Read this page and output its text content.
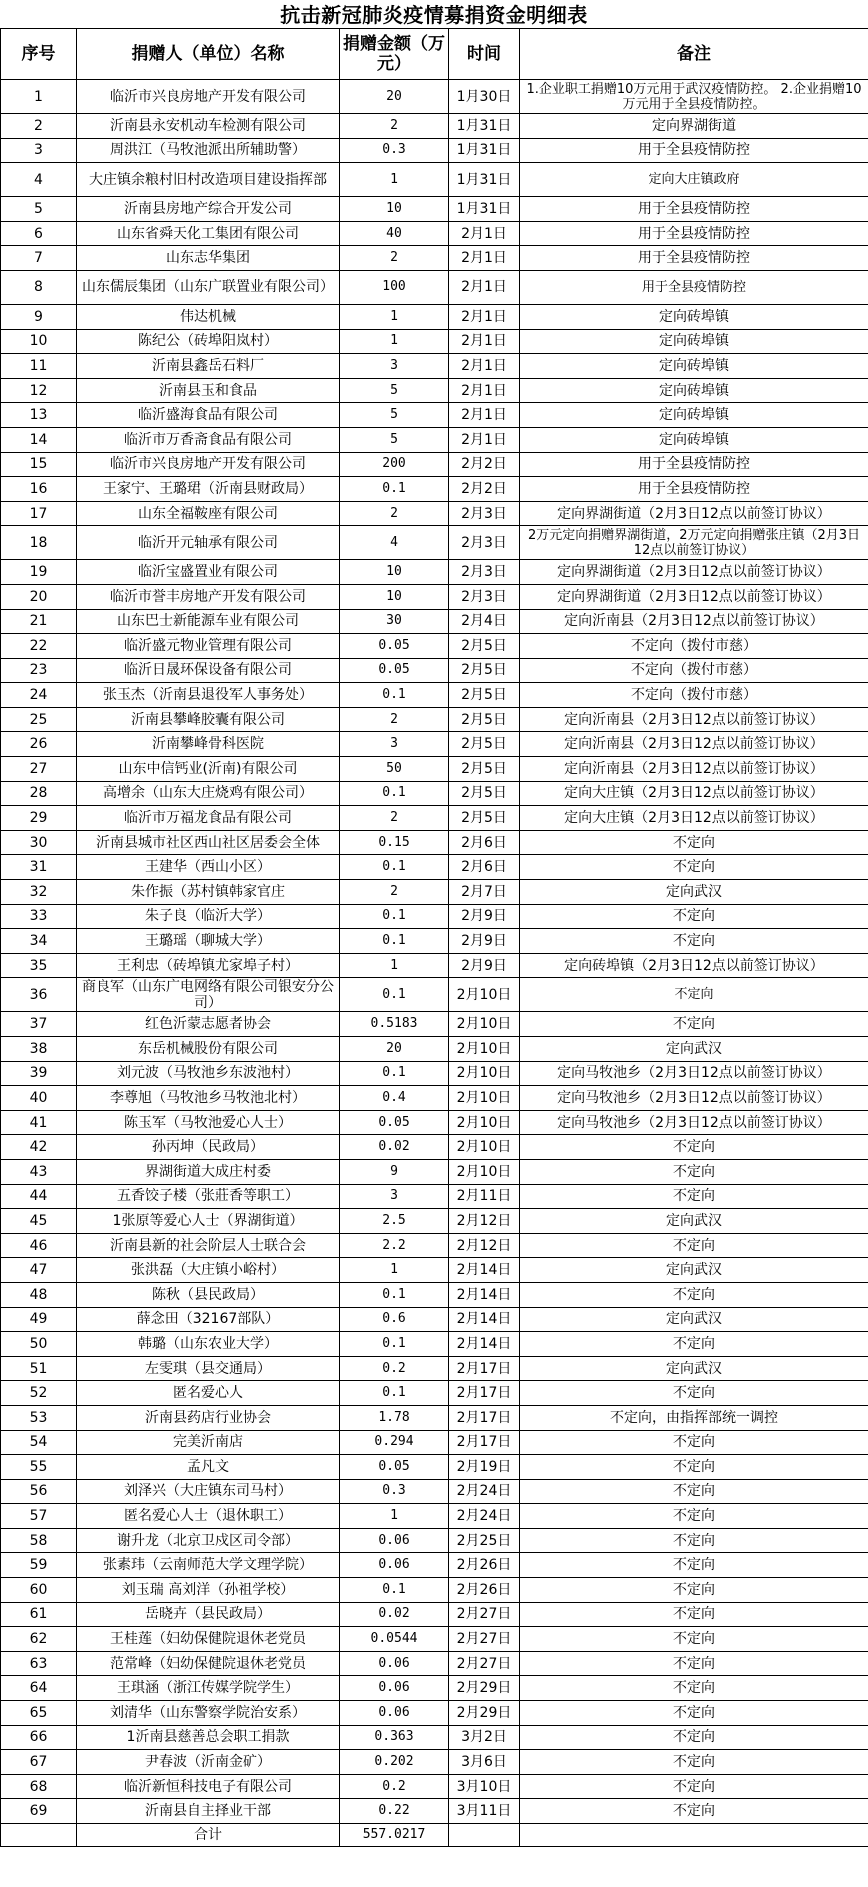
抗击新冠肺炎疫情募捐资金明细表
序号	捐赠人（单位）名称	捐赠金额（万元）	时间	备注
1	临沂市兴良房地产开发有限公司	20	1月30日	1.企业职工捐赠10万元用于武汉疫情防控。 2.企业捐赠10万元用于全县疫情防控。
2	沂南县永安机动车检测有限公司	2	1月31日	定向界湖街道
3	周洪江（马牧池派出所辅助警）	0.3	1月31日	用于全县疫情防控
4	大庄镇余粮村旧村改造项目建设指挥部	1	1月31日	定向大庄镇政府
5	沂南县房地产综合开发公司	10	1月31日	用于全县疫情防控
6	山东省舜天化工集团有限公司	40	2月1日	用于全县疫情防控
7	山东志华集团	2	2月1日	用于全县疫情防控
8	山东儒辰集团（山东广联置业有限公司）	100	2月1日	用于全县疫情防控
9	伟达机械	1	2月1日	定向砖埠镇
10	陈纪公（砖埠阳岚村）	1	2月1日	定向砖埠镇
11	沂南县鑫岳石料厂	3	2月1日	定向砖埠镇
12	沂南县玉和食品	5	2月1日	定向砖埠镇
13	临沂盛海食品有限公司	5	2月1日	定向砖埠镇
14	临沂市万香斋食品有限公司	5	2月1日	定向砖埠镇
15	临沂市兴良房地产开发有限公司	200	2月2日	用于全县疫情防控
16	王家宁、王璐珺（沂南县财政局）	0.1	2月2日	用于全县疫情防控
17	山东全福鞍座有限公司	2	2月3日	定向界湖街道（2月3日12点以前签订协议）
18	临沂开元轴承有限公司	4	2月3日	2万元定向捐赠界湖街道，2万元定向捐赠张庄镇（2月3日12点以前签订协议）
19	临沂宝盛置业有限公司	10	2月3日	定向界湖街道（2月3日12点以前签订协议）
20	临沂市誉丰房地产开发有限公司	10	2月3日	定向界湖街道（2月3日12点以前签订协议）
21	山东巴士新能源车业有限公司	30	2月4日	定向沂南县（2月3日12点以前签订协议）
22	临沂盛元物业管理有限公司	0.05	2月5日	不定向（拨付市慈）
23	临沂日晟环保设备有限公司	0.05	2月5日	不定向（拨付市慈）
24	张玉杰（沂南县退役军人事务处）	0.1	2月5日	不定向（拨付市慈）
25	沂南县攀峰胶囊有限公司	2	2月5日	定向沂南县（2月3日12点以前签订协议）
26	沂南攀峰骨科医院	3	2月5日	定向沂南县（2月3日12点以前签订协议）
27	山东中信钙业(沂南)有限公司	50	2月5日	定向沂南县（2月3日12点以前签订协议）
28	高增余（山东大庄烧鸡有限公司）	0.1	2月5日	定向大庄镇（2月3日12点以前签订协议）
29	临沂市万福龙食品有限公司	2	2月5日	定向大庄镇（2月3日12点以前签订协议）
30	沂南县城市社区西山社区居委会全体	0.15	2月6日	不定向
31	王建华（西山小区）	0.1	2月6日	不定向
32	朱作振（苏村镇韩家官庄	2	2月7日	定向武汉
33	朱子良（临沂大学）	0.1	2月9日	不定向
34	王璐瑶（聊城大学）	0.1	2月9日	不定向
35	王利忠（砖埠镇尤家埠子村）	1	2月9日	定向砖埠镇（2月3日12点以前签订协议）
36	商良军（山东广电网络有限公司银安分公司）	0.1	2月10日	不定向
37	红色沂蒙志愿者协会	0.5183	2月10日	不定向
38	东岳机械股份有限公司	20	2月10日	定向武汉
39	刘元波（马牧池乡东波池村）	0.1	2月10日	定向马牧池乡（2月3日12点以前签订协议）
40	李尊旭（马牧池乡马牧池北村）	0.4	2月10日	定向马牧池乡（2月3日12点以前签订协议）
41	陈玉军（马牧池爱心人士）	0.05	2月10日	定向马牧池乡（2月3日12点以前签订协议）
42	孙丙坤（民政局）	0.02	2月10日	不定向
43	界湖街道大成庄村委	9	2月10日	不定向
44	五香饺子楼（张莊香等职工）	3	2月11日	不定向
45	1张原等爱心人士（界湖街道）	2.5	2月12日	定向武汉
46	沂南县新的社会阶层人士联合会	2.2	2月12日	不定向
47	张洪磊（大庄镇小峪村）	1	2月14日	定向武汉
48	陈秋（县民政局）	0.1	2月14日	不定向
49	薛念田（32167部队）	0.6	2月14日	定向武汉
50	韩璐（山东农业大学）	0.1	2月14日	不定向
51	左雯琪（县交通局）	0.2	2月17日	定向武汉
52	匿名爱心人	0.1	2月17日	不定向
53	沂南县药店行业协会	1.78	2月17日	不定向，由指挥部统一调控
54	完美沂南店	0.294	2月17日	不定向
55	孟凡文	0.05	2月19日	不定向
56	刘泽兴（大庄镇东司马村）	0.3	2月24日	不定向
57	匿名爱心人士（退休职工）	1	2月24日	不定向
58	谢升龙（北京卫戍区司令部）	0.06	2月25日	不定向
59	张素玮（云南师范大学文理学院）	0.06	2月26日	不定向
60	刘玉瑞 高刘洋（孙祖学校）	0.1	2月26日	不定向
61	岳晓卉（县民政局）	0.02	2月27日	不定向
62	王桂莲（妇幼保健院退休老党员	0.0544	2月27日	不定向
63	范常峰（妇幼保健院退休老党员	0.06	2月27日	不定向
64	王琪涵（浙江传媒学院学生）	0.06	2月29日	不定向
65	刘清华（山东警察学院治安系）	0.06	2月29日	不定向
66	1沂南县慈善总会职工捐款	0.363	3月2日	不定向
67	尹春波（沂南金矿）	0.202	3月6日	不定向
68	临沂新恒科技电子有限公司	0.2	3月10日	不定向
69	沂南县自主择业干部	0.22	3月11日	不定向
	合计	557.0217		
